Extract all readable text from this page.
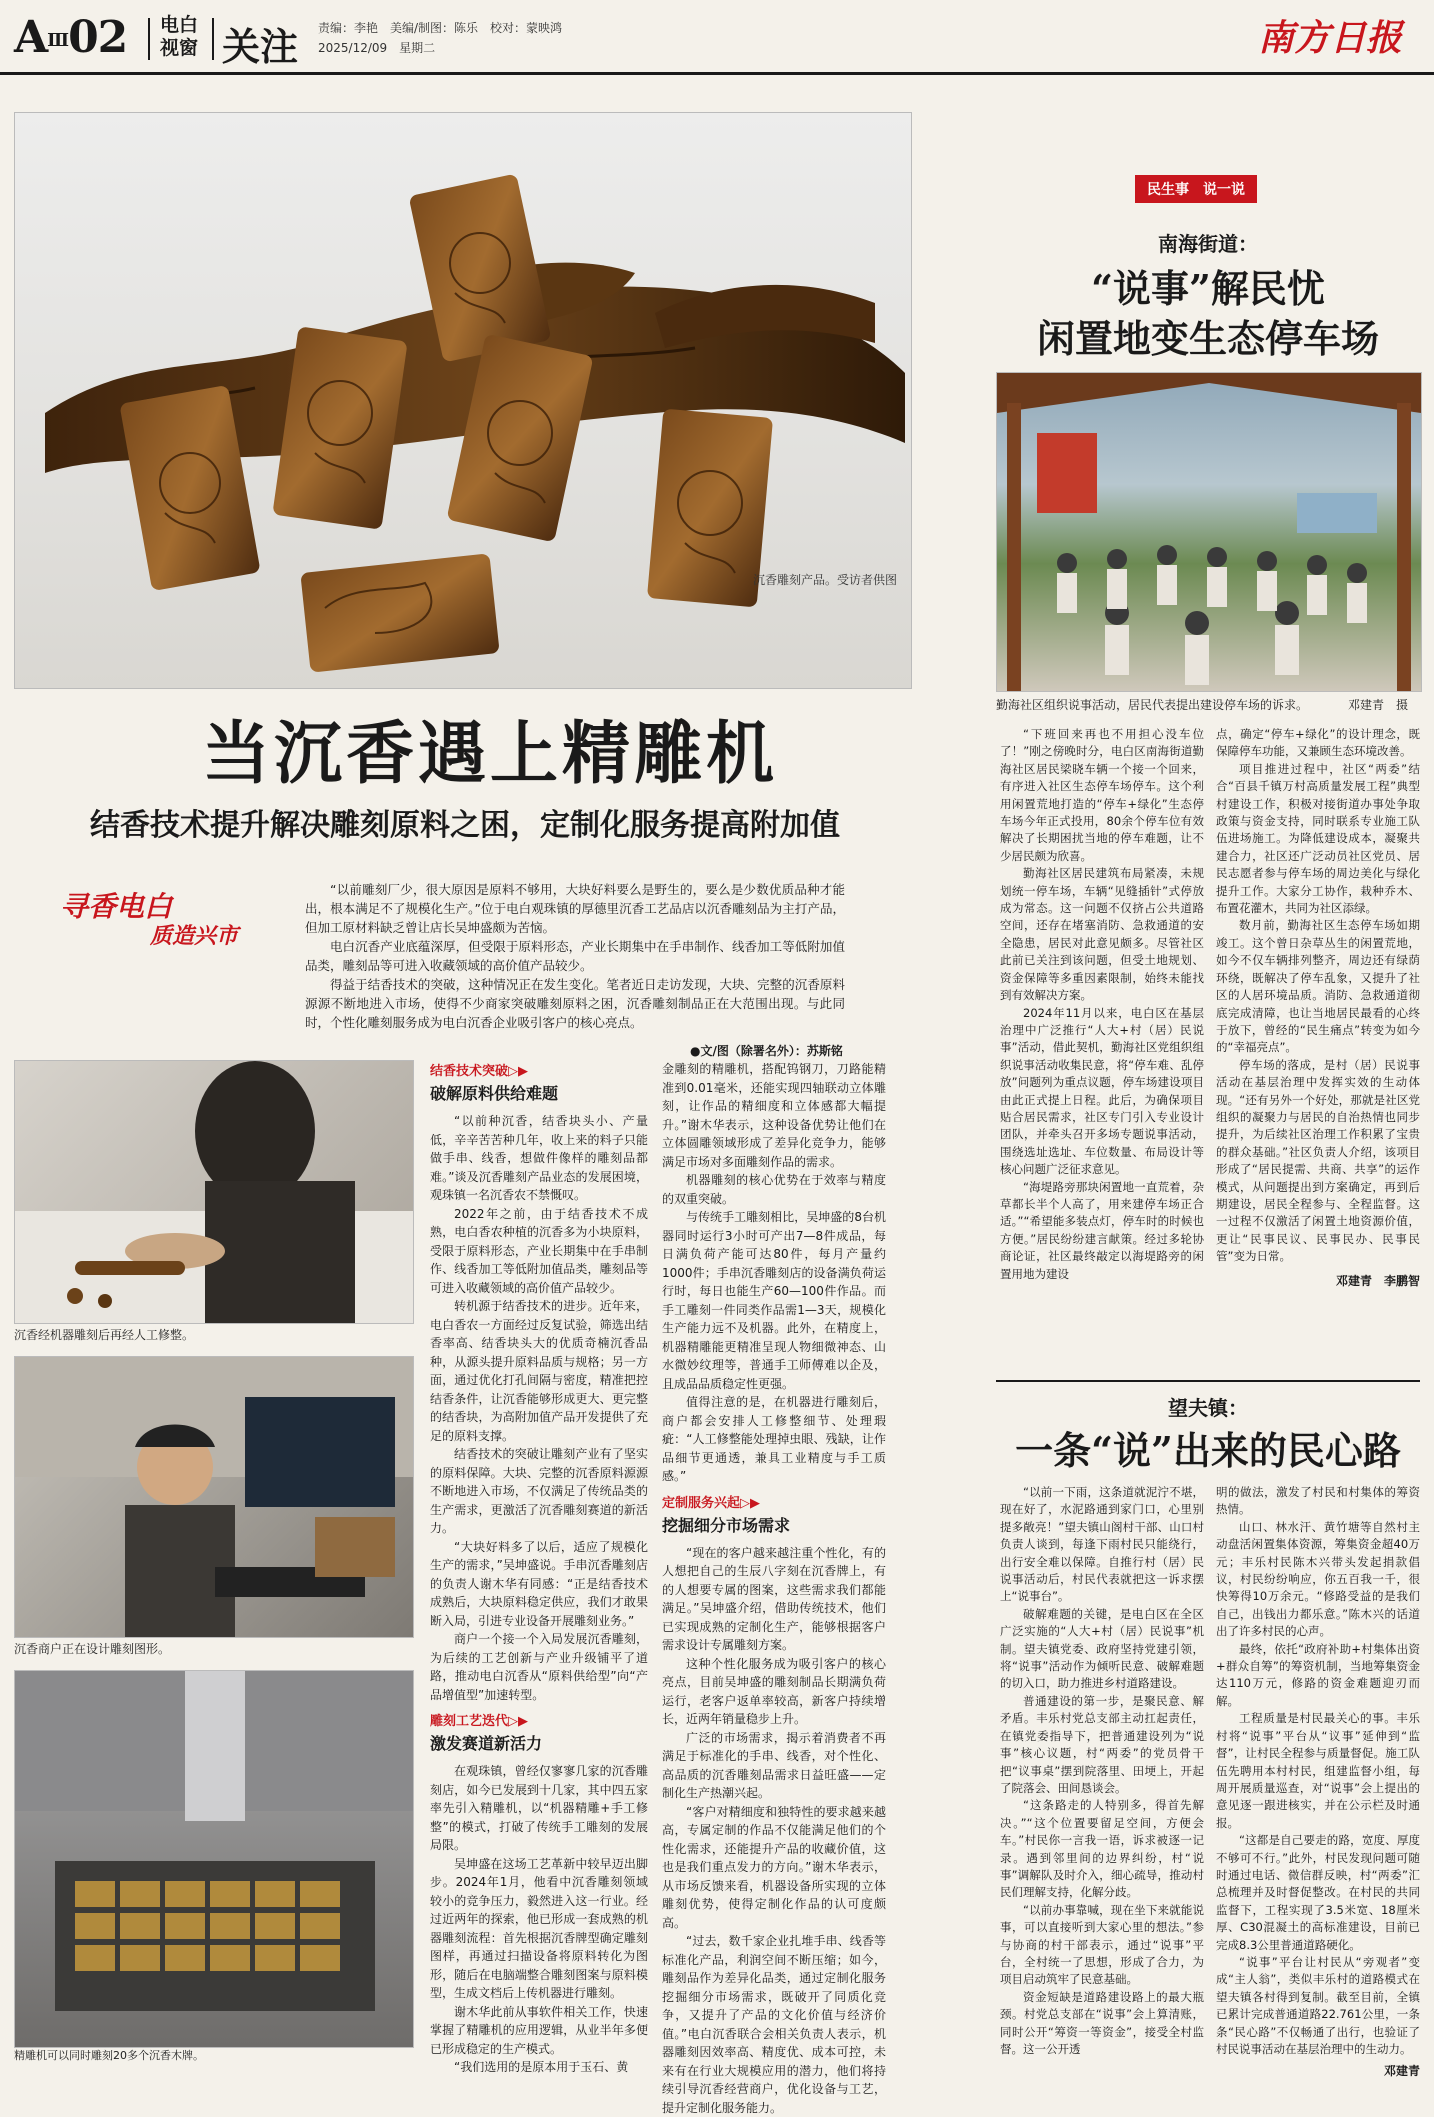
AⅢ02 电白视窗 关注 责编：李艳　美编/制图：陈乐　校对：蒙映鸿
2025/12/09　星期二	南方日报
沉香雕刻产品。受访者供图
当沉香遇上精雕机
结香技术提升解决雕刻原料之困，定制化服务提高附加值
寻香电白
质造兴市

“以前雕刻厂少，很大原因是原料不够用，大块好料要么是野生的，要么是少数优质品种才能出，根本满足不了规模化生产。”位于电白观珠镇的厚德里沉香工艺品店以沉香雕刻品为主打产品，但加工原材料缺乏曾让店长吴坤盛颇为苦恼。

电白沉香产业底蕴深厚，但受限于原料形态，产业长期集中在手串制作、线香加工等低附加值品类，雕刻品等可进入收藏领域的高价值产品较少。

得益于结香技术的突破，这种情况正在发生变化。笔者近日走访发现，大块、完整的沉香原料源源不断地进入市场，使得不少商家突破雕刻原料之困，沉香雕刻制品正在大范围出现。与此同时，个性化雕刻服务成为电白沉香企业吸引客户的核心亮点。

●文/图（除署名外）：苏斯铭
沉香经机器雕刻后再经人工修整。
沉香商户正在设计雕刻图形。
精雕机可以同时雕刻20多个沉香木牌。
结香技术突破▷▶
破解原料供给难题

“以前种沉香，结香块头小、产量低，辛辛苦苦种几年，收上来的料子只能做手串、线香，想做件像样的雕刻品都难。”谈及沉香雕刻产品业态的发展困境，观珠镇一名沉香农不禁慨叹。

2022年之前，由于结香技术不成熟，电白香农种植的沉香多为小块原料，受限于原料形态，产业长期集中在手串制作、线香加工等低附加值品类，雕刻品等可进入收藏领域的高价值产品较少。

转机源于结香技术的进步。近年来，电白香农一方面经过反复试验，筛选出结香率高、结香块头大的优质奇楠沉香品种，从源头提升原料品质与规格；另一方面，通过优化打孔间隔与密度，精准把控结香条件，让沉香能够形成更大、更完整的结香块，为高附加值产品开发提供了充足的原料支撑。

结香技术的突破让雕刻产业有了坚实的原料保障。大块、完整的沉香原料源源不断地进入市场，不仅满足了传统品类的生产需求，更激活了沉香雕刻赛道的新活力。

“大块好料多了以后，适应了规模化生产的需求，”吴坤盛说。手串沉香雕刻店的负责人谢木华有同感：“正是结香技术成熟后，大块原料稳定供应，我们才敢果断入局，引进专业设备开展雕刻业务。”

商户一个接一个入局发展沉香雕刻，为后续的工艺创新与产业升级铺平了道路，推动电白沉香从“原料供给型”向“产品增值型”加速转型。

雕刻工艺迭代▷▶
激发赛道新活力

在观珠镇，曾经仅寥寥几家的沉香雕刻店，如今已发展到十几家，其中四五家率先引入精雕机，以“机器精雕+手工修整”的模式，打破了传统手工雕刻的发展局限。

吴坤盛在这场工艺革新中较早迈出脚步。2024年1月，他看中沉香雕刻领域较小的竞争压力，毅然进入这一行业。经过近两年的探索，他已形成一套成熟的机器雕刻流程：首先根据沉香牌型确定雕刻图样，再通过扫描设备将原料转化为图形，随后在电脑端整合雕刻图案与原料模型，生成文档后上传机器进行雕刻。

谢木华此前从事软件相关工作，快速掌握了精雕机的应用逻辑，从业半年多便已形成稳定的生产模式。

“我们选用的是原本用于玉石、黄

金雕刻的精雕机，搭配钨钢刀，刀路能精准到0.01毫米，还能实现四轴联动立体雕刻，让作品的精细度和立体感都大幅提升。”谢木华表示，这种设备优势让他们在立体圆雕领域形成了差异化竞争力，能够满足市场对多面雕刻作品的需求。

机器雕刻的核心优势在于效率与精度的双重突破。

与传统手工雕刻相比，吴坤盛的8台机器同时运行3小时可产出7—8件成品，每日满负荷产能可达80件，每月产量约1000件；手串沉香雕刻店的设备满负荷运行时，每日也能生产60—100件作品。而手工雕刻一件同类作品需1—3天，规模化生产能力远不及机器。此外，在精度上，机器精雕能更精准呈现人物细微神态、山水微妙纹理等，普通手工师傅难以企及，且成品品质稳定性更强。

值得注意的是，在机器进行雕刻后，商户都会安排人工修整细节、处理瑕疵：“人工修整能处理掉虫眼、残缺，让作品细节更通透，兼具工业精度与手工质感。”

定制服务兴起▷▶
挖掘细分市场需求

“现在的客户越来越注重个性化，有的人想把自己的生辰八字刻在沉香牌上，有的人想要专属的图案，这些需求我们都能满足。”吴坤盛介绍，借助传统技术，他们已实现成熟的定制化生产，能够根据客户需求设计专属雕刻方案。

这种个性化服务成为吸引客户的核心亮点，目前吴坤盛的雕刻制品长期满负荷运行，老客户返单率较高，新客户持续增长，近两年销量稳步上升。

广泛的市场需求，揭示着消费者不再满足于标准化的手串、线香，对个性化、高品质的沉香雕刻品需求日益旺盛——定制化生产热潮兴起。

“客户对精细度和独特性的要求越来越高，专属定制的作品不仅能满足他们的个性化需求，还能提升产品的收藏价值，这也是我们重点发力的方向。”谢木华表示，从市场反馈来看，机器设备所实现的立体雕刻优势，使得定制化作品的认可度颇高。

“过去，数千家企业扎堆手串、线香等标准化产品，利润空间不断压缩；如今，雕刻品作为差异化品类，通过定制化服务挖掘细分市场需求，既破开了同质化竞争，又提升了产品的文化价值与经济价值。”电白沉香联合会相关负责人表示，机器雕刻因效率高、精度优、成本可控，未来有在行业大规模应用的潜力，他们将持续引导沉香经营商户，优化设备与工艺，提升定制化服务能力。

民生事　说一说
南海街道：
“说事”解民忧
闲置地变生态停车场
勤海社区组织说事活动，居民代表提出建设停车场的诉求。	邓建青　摄

“下班回来再也不用担心没车位了！”刚之傍晚时分，电白区南海街道勤海社区居民梁晓车辆一个接一个回来，有序进入社区生态停车场停车。这个利用闲置荒地打造的“停车+绿化”生态停车场今年正式投用，80余个停车位有效解决了长期困扰当地的停车难题，让不少居民颇为欣喜。

勤海社区居民建筑布局紧凑，未规划统一停车场，车辆“见缝插针”式停放成为常态。这一问题不仅挤占公共道路空间，还存在堵塞消防、急救通道的安全隐患，居民对此意见颇多。尽管社区此前已关注到该问题，但受土地规划、资金保障等多重因素限制，始终未能找到有效解决方案。

2024年11月以来，电白区在基层治理中广泛推行“人大+村（居）民说事”活动，借此契机，勤海社区党组织组织说事活动收集民意，将“停车难、乱停放”问题列为重点议题，停车场建设项目由此正式提上日程。此后，为确保项目贴合居民需求，社区专门引入专业设计团队，并牵头召开多场专题说事活动，围绕选址选址、车位数量、布局设计等核心问题广泛征求意见。

“海堤路旁那块闲置地一直荒着，杂草都长半个人高了，用来建停车场正合适。”“希望能多装点灯，停车时的时候也方便。”居民纷纷建言献策。经过多轮协商论证，社区最终敲定以海堤路旁的闲置用地为建设

点，确定“停车+绿化”的设计理念，既保障停车功能，又兼顾生态环境改善。

项目推进过程中，社区“两委”结合“百县千镇万村高质量发展工程”典型村建设工作，积极对接街道办事处争取政策与资金支持，同时联系专业施工队伍进场施工。为降低建设成本，凝聚共建合力，社区还广泛动员社区党员、居民志愿者参与停车场的周边美化与绿化提升工作。大家分工协作，栽种乔木、布置花灌木，共同为社区添绿。

数月前，勤海社区生态停车场如期竣工。这个曾日杂草丛生的闲置荒地，如今不仅车辆排列整齐，周边还有绿荫环绕，既解决了停车乱象，又提升了社区的人居环境品质。消防、急救通道彻底完成清障，也让当地居民最看的心终于放下，曾经的“民生痛点”转变为如今的“幸福亮点”。

停车场的落成，是村（居）民说事活动在基层治理中发挥实效的生动体现。“还有另外一个好处，那就是社区党组织的凝聚力与居民的自治热情也同步提升，为后续社区治理工作积累了宝贵的群众基础。”社区负责人介绍，该项目形成了“居民提需、共商、共享”的运作模式，从问题提出到方案确定，再到后期建设，居民全程参与、全程监督。这一过程不仅激活了闲置土地资源价值，更让“民事民议、民事民办、民事民管”变为日常。

邓建青　李鹏智
望夫镇：
一条“说”出来的民心路

“以前一下雨，这条道就泥泞不堪，现在好了，水泥路通到家门口，心里别提多敞亮！”望夫镇山阁村干部、山口村负责人谈到，每逢下雨村民只能绕行，出行安全难以保障。自推行村（居）民说事活动后，村民代表就把这一诉求摆上“说事台”。

破解难题的关键，是电白区在全区广泛实施的“人大+村（居）民说事”机制。望夫镇党委、政府坚持党建引领，将“说事”活动作为倾听民意、破解难题的切入口，助力推进乡村道路建设。

普通建设的第一步，是聚民意、解矛盾。丰乐村党总支部主动扛起责任，在镇党委指导下，把普通建设列为“说事”核心议题，村“两委”的党员骨干把“议事桌”摆到院落里、田埂上，开起了院落会、田间恳谈会。

“这条路走的人特别多，得首先解决。”“这个位置要留足空间，方便会车。”村民你一言我一语，诉求被逐一记录。遇到邻里间的边界纠纷，村“说事”调解队及时介入，细心疏导，推动村民们理解支持，化解分歧。

“以前办事靠喊，现在坐下来就能说事，可以直接听到大家心里的想法。”参与协商的村干部表示，通过“说事”平台，全村统一了思想，形成了合力，为项目启动筑牢了民意基础。

资金短缺是道路建设路上的最大瓶颈。村党总支部在“说事”会上算清账，同时公开“筹资一等资金”，接受全村监督。这一公开透

明的做法，激发了村民和村集体的筹资热情。

山口、林水汗、黄竹塘等自然村主动盘活闲置集体资源，筹集资金超40万元；丰乐村民陈木兴带头发起捐款倡议，村民纷纷响应，你五百我一千，很快筹得10万余元。“修路受益的是我们自己，出钱出力都乐意。”陈木兴的话道出了许多村民的心声。

最终，依托“政府补助+村集体出资+群众自筹”的筹资机制，当地筹集资金达110万元，修路的资金难题迎刃而解。

工程质量是村民最关心的事。丰乐村将“说事”平台从“议事”延伸到“监督”，让村民全程参与质量督促。施工队伍先聘用本村村民，组建监督小组，每周开展质量巡查，对“说事”会上提出的意见逐一跟进核实，并在公示栏及时通报。

“这都是自己要走的路，宽度、厚度不够可不行。”此外，村民发现问题可随时通过电话、微信群反映，村“两委”汇总梳理并及时督促整改。在村民的共同监督下，工程实现了3.5米宽、18厘米厚、C30混凝土的高标准建设，目前已完成8.3公里普通道路硬化。

“说事”平台让村民从“旁观者”变成“主人翁”，类似丰乐村的道路模式在望夫镇各村得到复制。截至目前，全镇已累计完成普通道路22.761公里，一条条“民心路”不仅畅通了出行，也验证了村民说事活动在基层治理中的生动力。

邓建青
